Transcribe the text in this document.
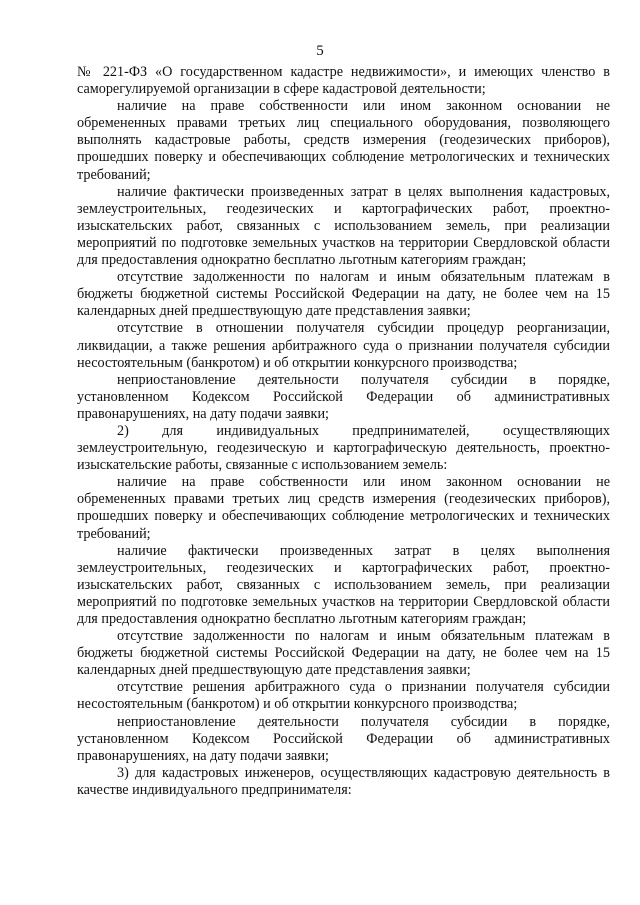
5

№ 221-ФЗ «О государственном кадастре недвижимости», и имеющих членство в саморегулируемой организации в сфере кадастровой деятельности;

наличие на праве собственности или ином законном основании не обремененных правами третьих лиц специального оборудования, позволяющего выполнять кадастровые работы, средств измерения (геодезических приборов), прошедших поверку и обеспечивающих соблюдение метрологических и технических требований;

наличие фактически произведенных затрат в целях выполнения кадастровых, землеустроительных, геодезических и картографических работ, проектно-изыскательских работ, связанных с использованием земель, при реализации мероприятий по подготовке земельных участков на территории Свердловской области для предоставления однократно бесплатно льготным категориям граждан;

отсутствие задолженности по налогам и иным обязательным платежам в бюджеты бюджетной системы Российской Федерации на дату, не более чем на 15 календарных дней предшествующую дате представления заявки;

отсутствие в отношении получателя субсидии процедур реорганизации, ликвидации, а также решения арбитражного суда о признании получателя субсидии несостоятельным (банкротом) и об открытии конкурсного производства;

неприостановление деятельности получателя субсидии в порядке, установленном Кодексом Российской Федерации об административных правонарушениях, на дату подачи заявки;

2) для индивидуальных предпринимателей, осуществляющих землеустроительную, геодезическую и картографическую деятельность, проектно-изыскательские работы, связанные с использованием земель:

наличие на праве собственности или ином законном основании не обремененных правами третьих лиц средств измерения (геодезических приборов), прошедших поверку и обеспечивающих соблюдение метрологических и технических требований;

наличие фактически произведенных затрат в целях выполнения землеустроительных, геодезических и картографических работ, проектно-изыскательских работ, связанных с использованием земель, при реализации мероприятий по подготовке земельных участков на территории Свердловской области для предоставления однократно бесплатно льготным категориям граждан;

отсутствие задолженности по налогам и иным обязательным платежам в бюджеты бюджетной системы Российской Федерации на дату, не более чем на 15 календарных дней предшествующую дате представления заявки;

отсутствие решения арбитражного суда о признании получателя субсидии несостоятельным (банкротом) и об открытии конкурсного производства;

неприостановление деятельности получателя субсидии в порядке, установленном Кодексом Российской Федерации об административных правонарушениях, на дату подачи заявки;

3) для кадастровых инженеров, осуществляющих кадастровую деятельность в качестве индивидуального предпринимателя:
